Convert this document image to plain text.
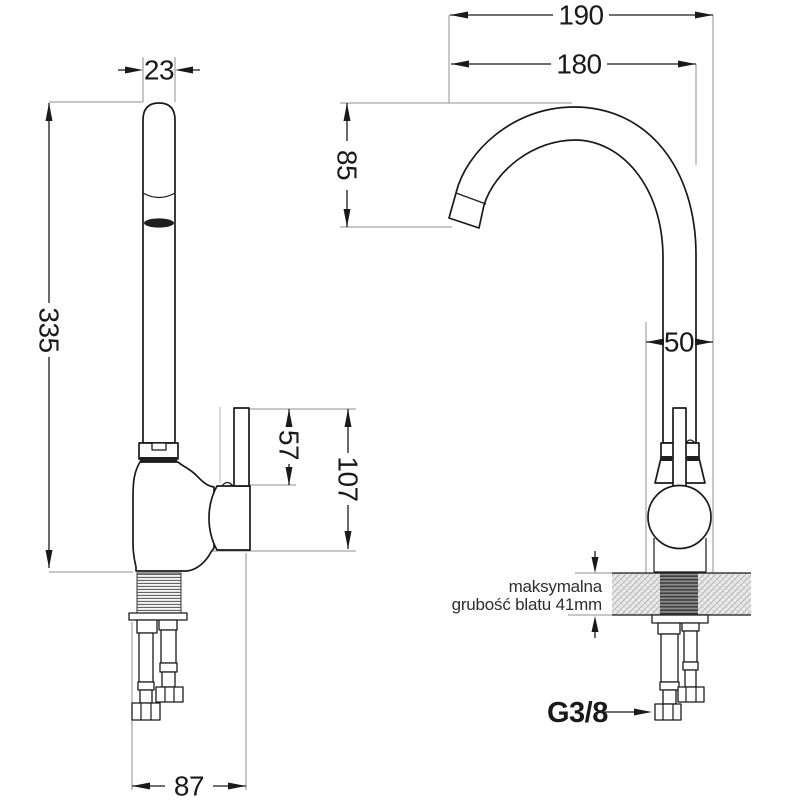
190
180
23
335
85
50
57
107
87
maksymalna
grubość blatu 41mm
G3/8
